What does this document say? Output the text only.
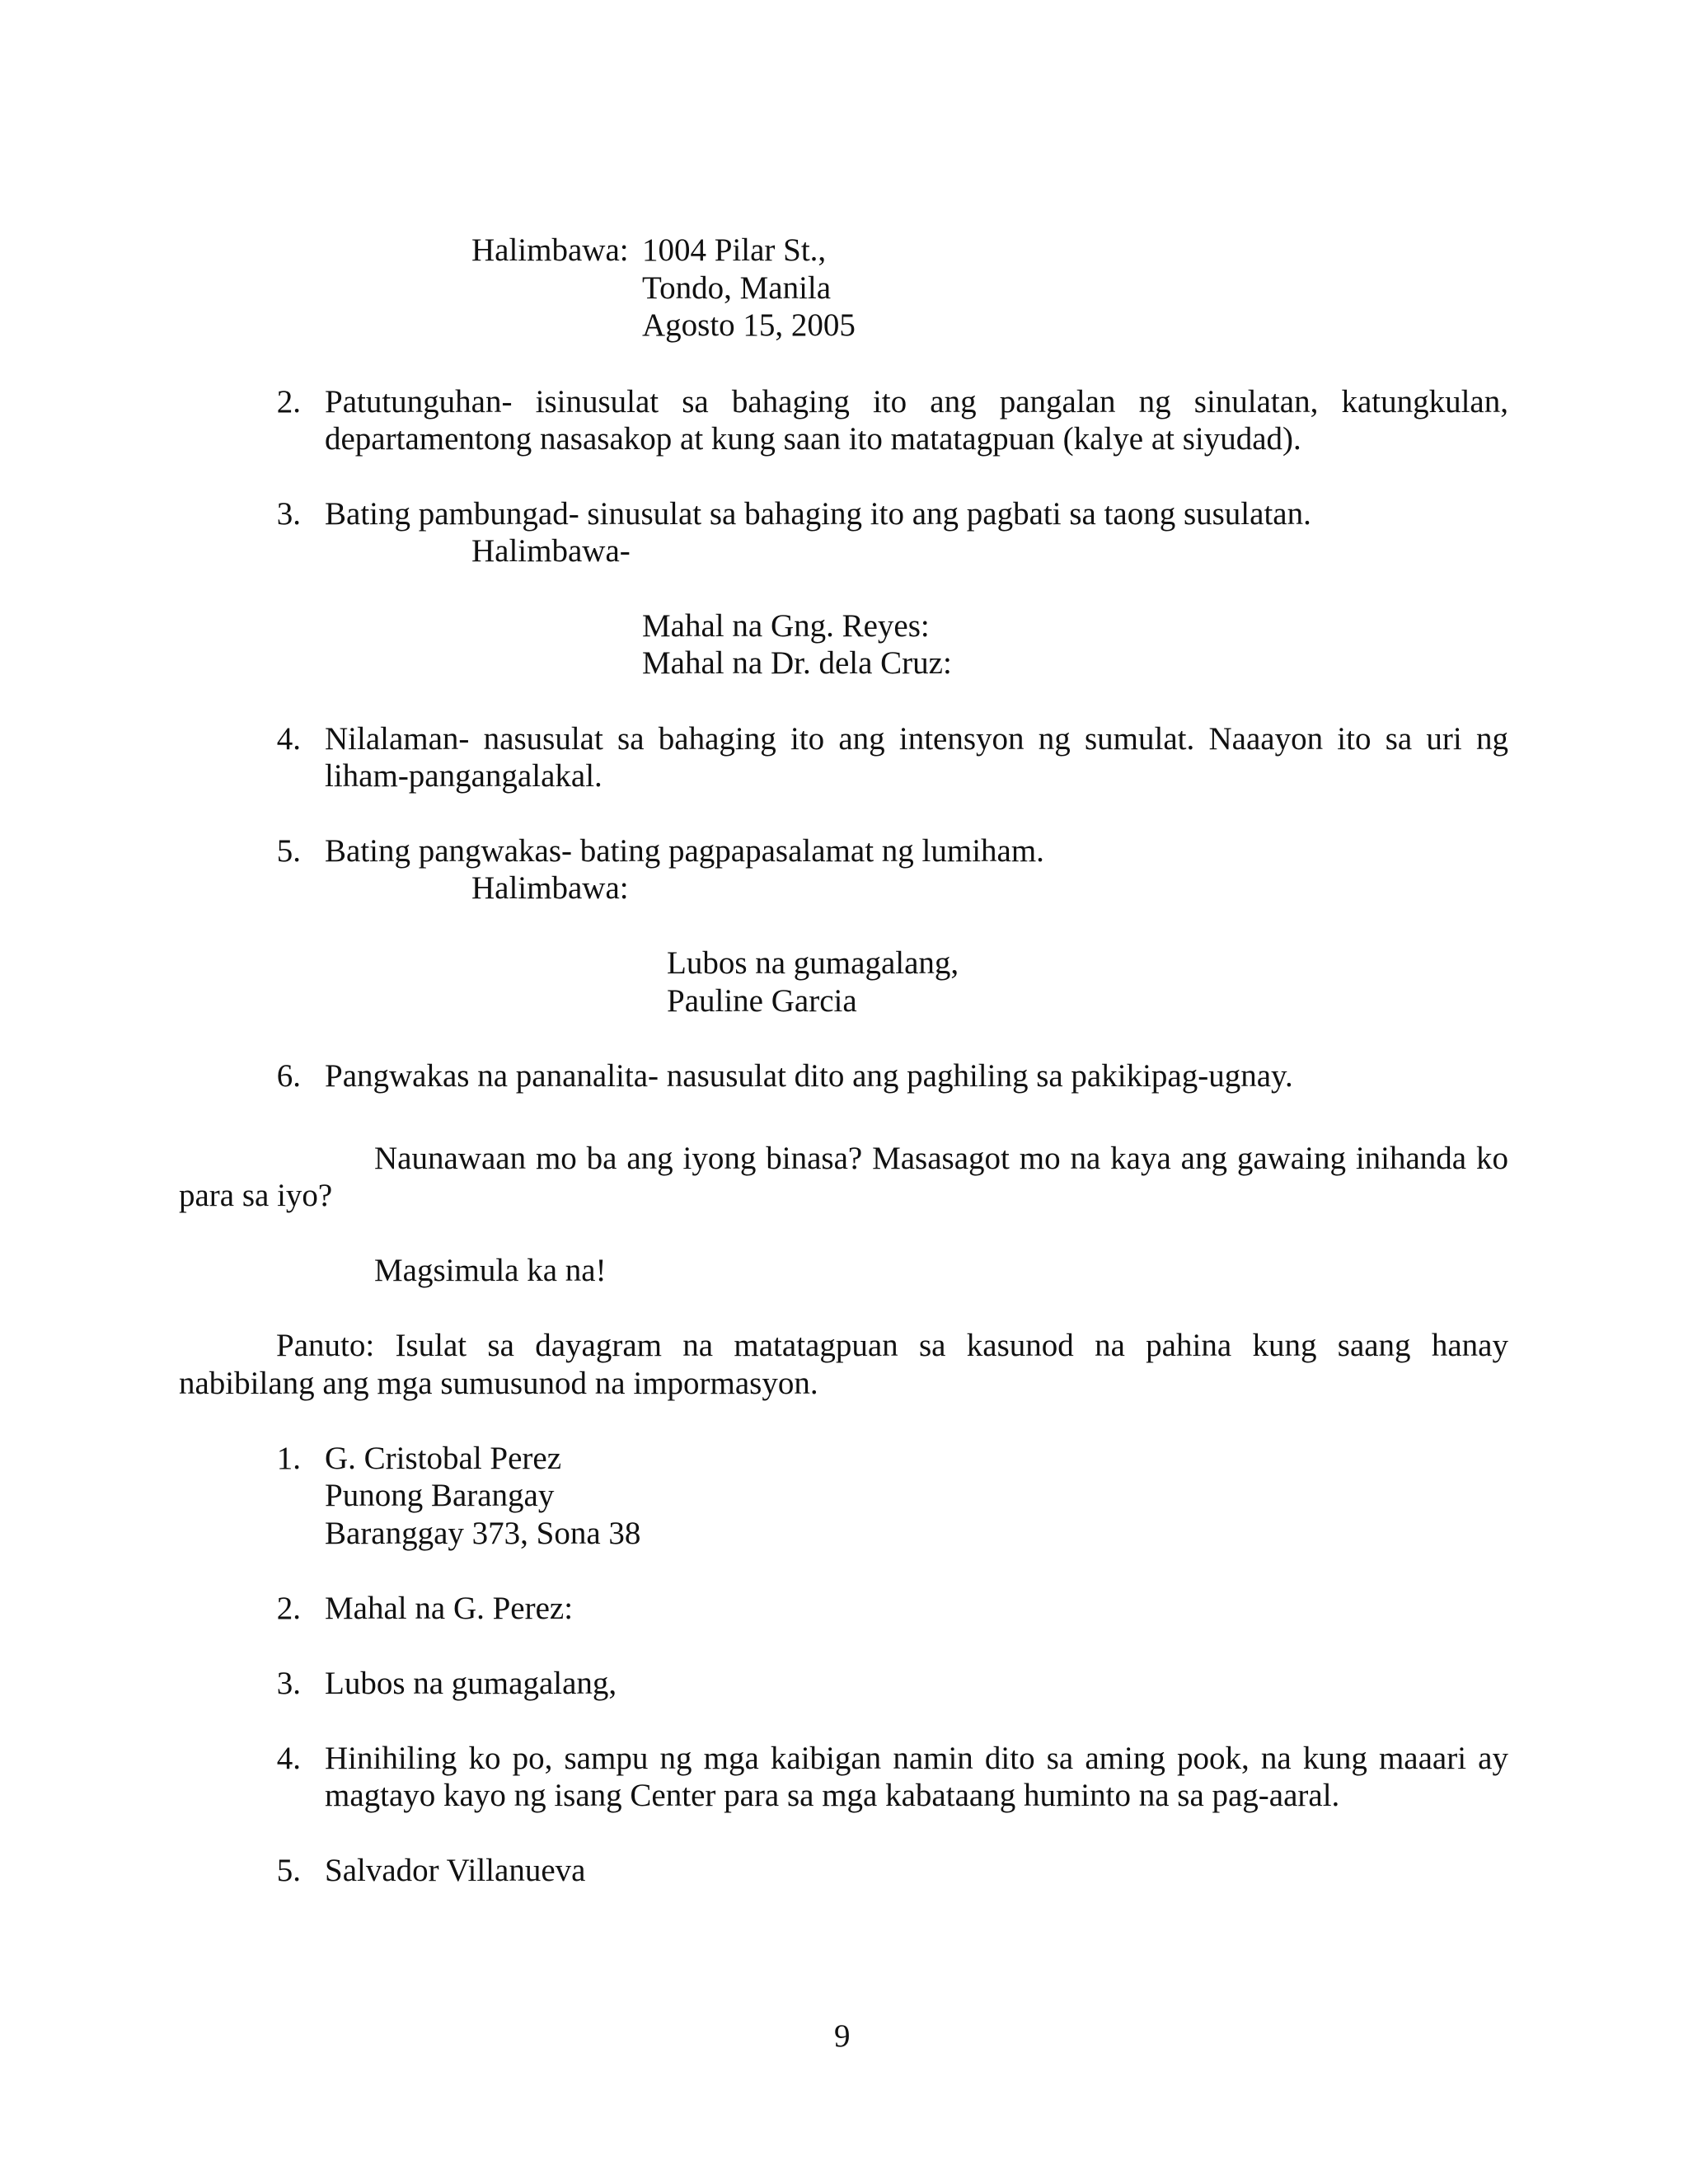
Halimbawa: 1004 Pilar St.,
Tondo, Manila
Agosto 15, 2005
2. Patutunguhan- isinusulat sa bahaging ito ang pangalan ng sinulatan, katungkulan,
departamentong nasasakop at kung saan ito matatagpuan (kalye at siyudad).
3. Bating pambungad- sinusulat sa bahaging ito ang pagbati sa taong susulatan.
Halimbawa-
Mahal na Gng. Reyes:
Mahal na Dr. dela Cruz:
4. Nilalaman- nasusulat sa bahaging ito ang intensyon ng sumulat. Naaayon ito sa uri ng
liham-pangangalakal.
5. Bating pangwakas- bating pagpapasalamat ng lumiham.
Halimbawa:
Lubos na gumagalang,
Pauline Garcia
6. Pangwakas na pananalita- nasusulat dito ang paghiling sa pakikipag-ugnay.
Naunawaan mo ba ang iyong binasa? Masasagot mo na kaya ang gawaing inihanda ko
para sa iyo?
Magsimula ka na!
Panuto: Isulat sa dayagram na matatagpuan sa kasunod na pahina kung saang hanay
nabibilang ang mga sumusunod na impormasyon.
1. G. Cristobal Perez
Punong Barangay
Baranggay 373, Sona 38
2. Mahal na G. Perez:
3. Lubos na gumagalang,
4. Hinihiling ko po, sampu ng mga kaibigan namin dito sa aming pook, na kung maaari ay
magtayo kayo ng isang Center para sa mga kabataang huminto na sa pag-aaral.
5. Salvador Villanueva
9
